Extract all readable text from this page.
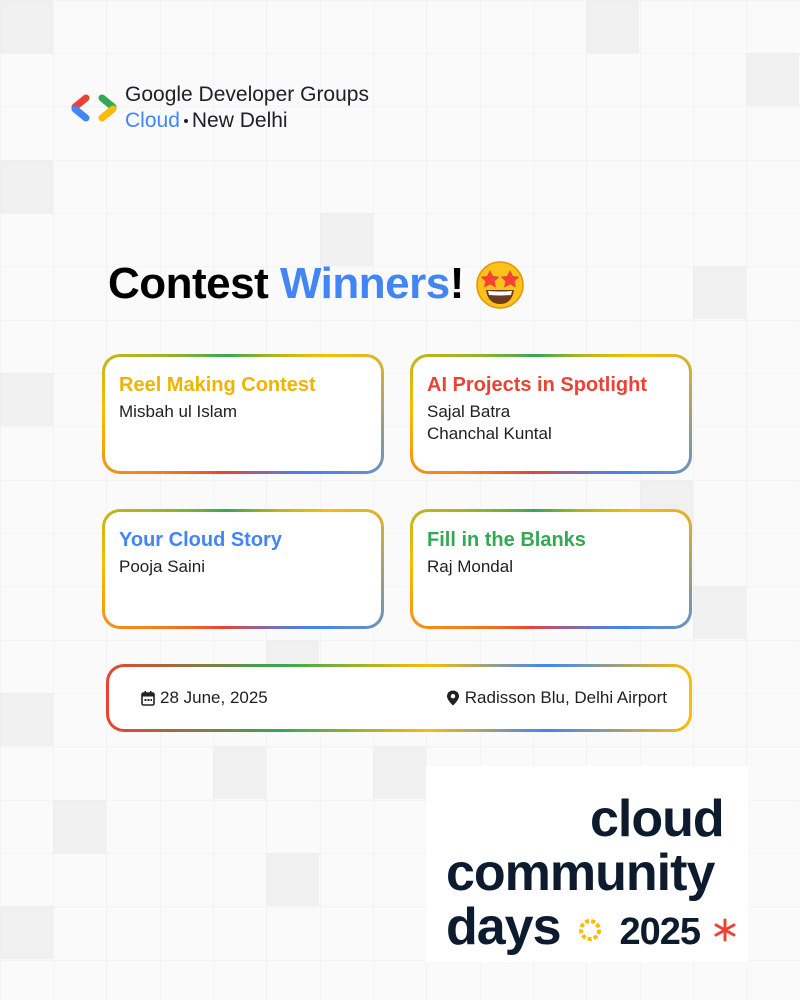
Google Developer Groups
Cloud New Delhi
Contest Winners !
Reel Making Contest
Misbah ul Islam
AI Projects in Spotlight
Sajal Batra
Chanchal Kuntal
Your Cloud Story
Pooja Saini
Fill in the Blanks
Raj Mondal
28 June, 2025	Radisson Blu, Delhi Airport
cloud
community
days 2025
